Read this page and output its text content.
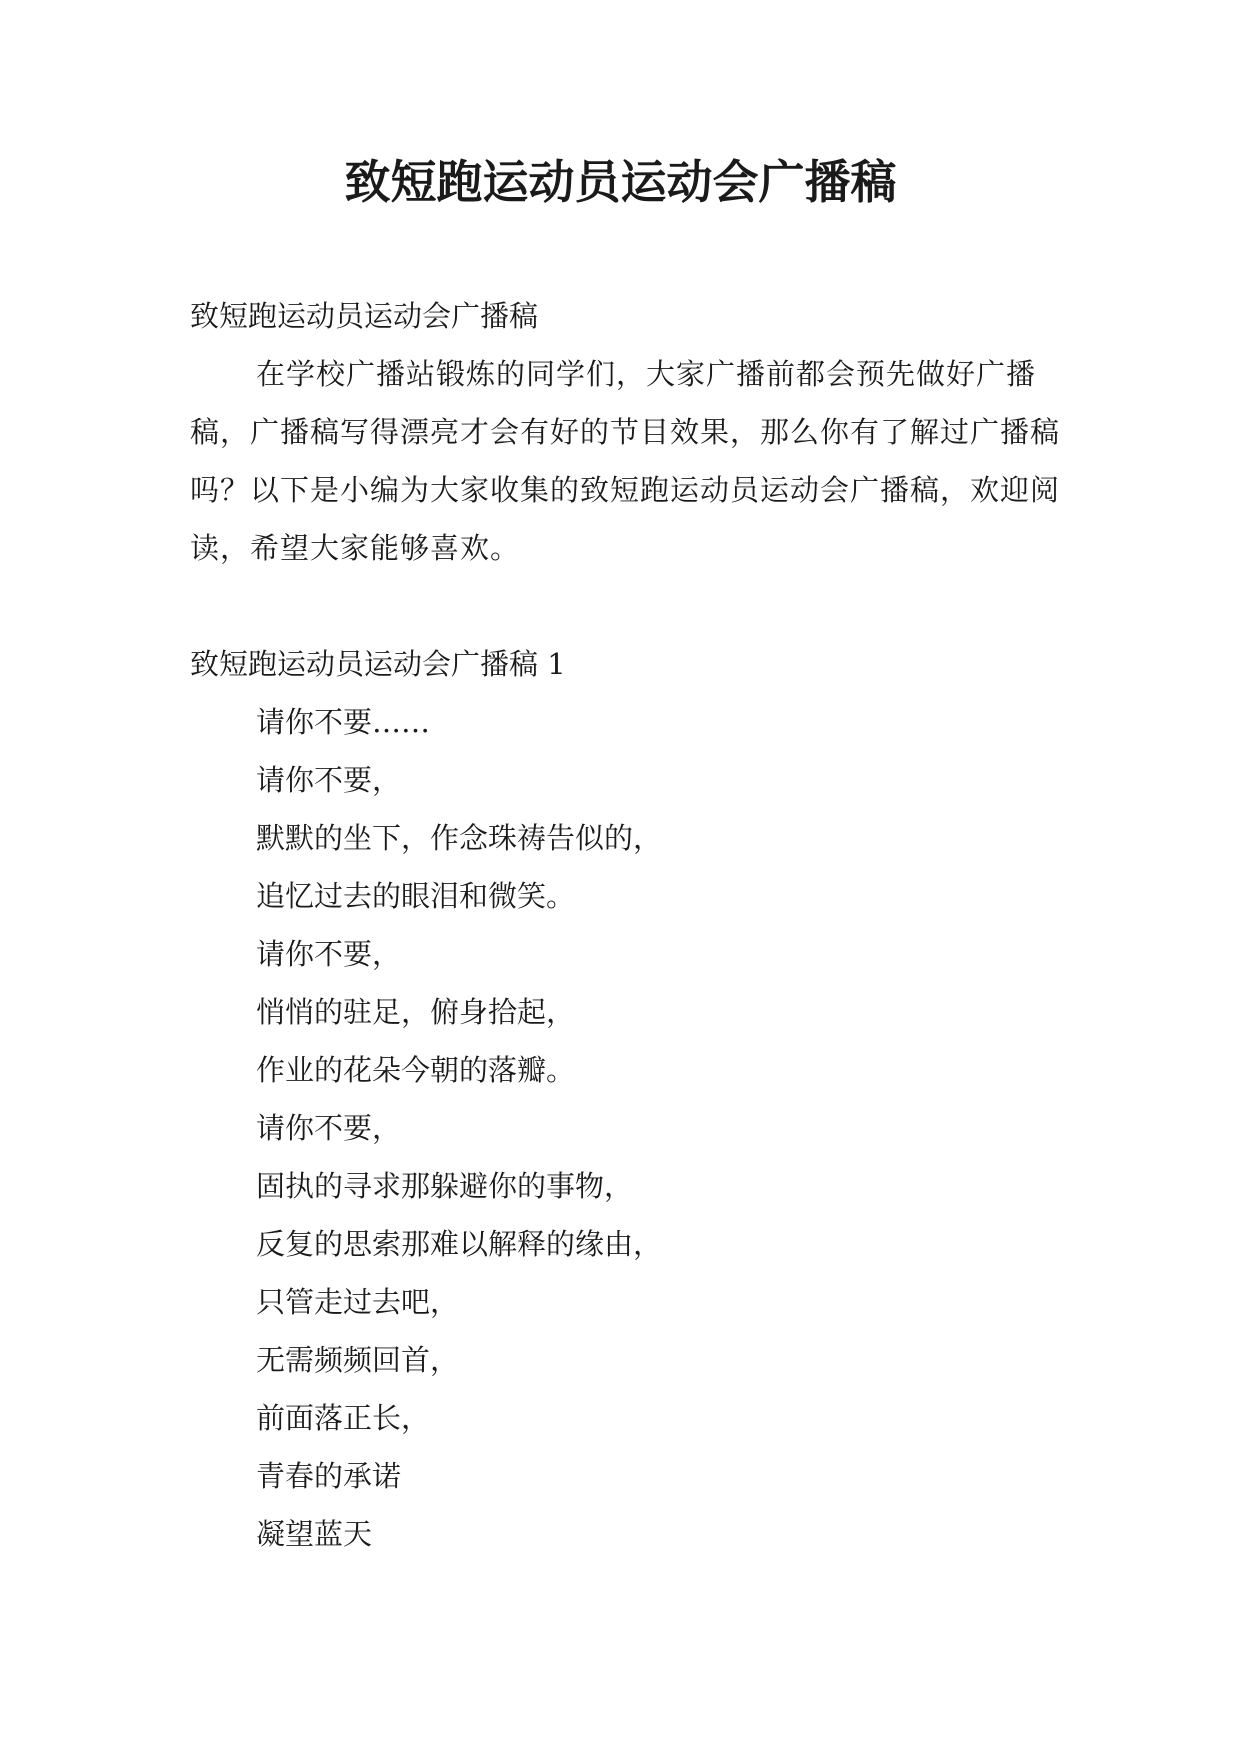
致短跑运动员运动会广播稿

致短跑运动员运动会广播稿

在学校广播站锻炼的同学们，大家广播前都会预先做好广播稿，广播稿写得漂亮才会有好的节目效果，那么你有了解过广播稿吗？以下是小编为大家收集的致短跑运动员运动会广播稿，欢迎阅读，希望大家能够喜欢。

致短跑运动员运动会广播稿 1

请你不要……

请你不要，

默默的坐下，作念珠祷告似的，

追忆过去的眼泪和微笑。

请你不要，

悄悄的驻足，俯身拾起，

作业的花朵今朝的落瓣。

请你不要，

固执的寻求那躲避你的事物，

反复的思索那难以解释的缘由，

只管走过去吧，

无需频频回首，

前面落正长，

青春的承诺

凝望蓝天
